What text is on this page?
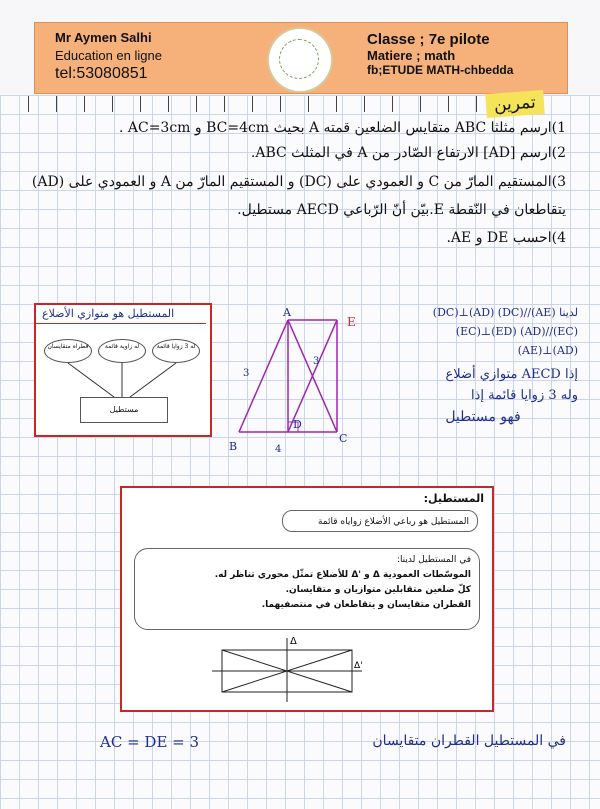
Mr Aymen Salhi
Education en ligne
tel:53080851
Classe ; 7e pilote
Matiere ; math
fb;ETUDE MATH-chbedda
تمرين
1)ارسم مثلثا ABC متقايس الضلعين قمته A بحيث BC=4cm و AC=3cm .
2)ارسم [AD] الارتفاع الصّادر من A في المثلث ABC.
3)المستقيم المارّ من C و العمودي على (DC) و المستقيم المارّ من A و العمودي على (AD)
يتقاطعان في النّقطة E.بيّن أنّ الرّباعي AECD مستطيل.
4)احسب DE و AE.
المستطيل هو متوازي الأضلاع
قطراه متقايسان	له زاوية قائمة	له 3 زوايا قائمة
مستطيل
A
E
B
C
D
3
4
3
لدينا (AE)//(DC) (AD)⊥(DC)
(EC)//(AD) (ED)⊥(EC)
(AD)⊥(AE)
إذا AECD متوازي أضلاع
وله 3 زوايا قائمة إذا
فهو مستطيل
المستطيل:
المستطيل هو رباعي الأضلاع زواياه قائمة
في المستطيل لدينا:
الموسّطات العمودية Δ و 'Δ للأضلاع تمثّل محوري تناظر له.
كلّ ضلعين متقابلين متوازيان و متقايسان.
القطران متقايسان و يتقاطعان في منتصفيهما.
Δ
Δ'
AC = DE = 3	في المستطيل القطران متقايسان
